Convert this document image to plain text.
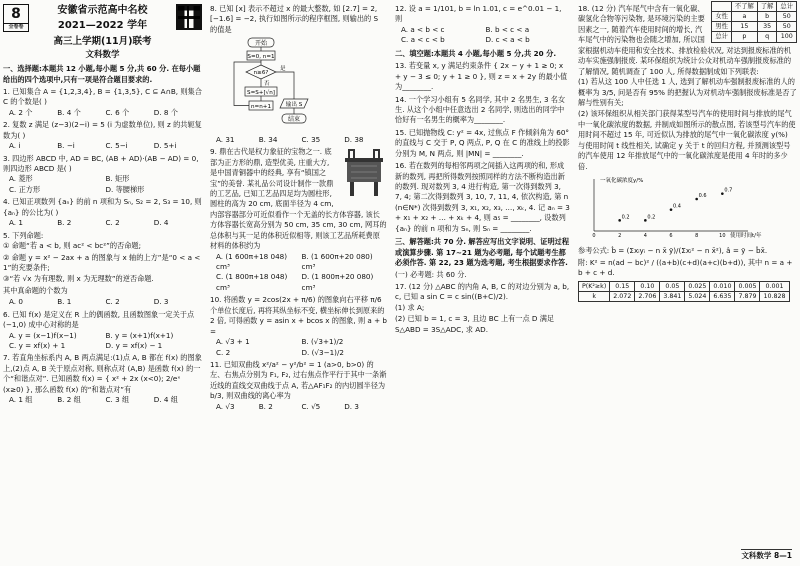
8
全卷卷
安徽省示范高中名校
2021—2022 学年
高三上学期(11月)联考
文科数学
一、选择题:本题共 12 小题,每小题 5 分,共 60 分. 在每小题给出的四个选项中,只有一项是符合题目要求的.
1. 已知集合 A = {1,2,3,4}, B = {1,3,5}, C ⊆ A∩B, 则集合 C 的个数是( )
A. 2 个	B. 4 个	C. 6 个	D. 8 个
2. 复数 z 满足 (z−3)(2−i) = 5 (i 为虚数单位), 则 z 的共轭复数为( )
A. i	B. −i	C. 5−i	D. 5+i
3. 四边形 ABCD 中, AD = BC, (AB + AD)·(AB − AD) = 0, 则四边形 ABCD 是( )
A. 菱形	B. 矩形
C. 正方形	D. 等腰梯形
4. 已知正项数列 {aₙ} 的前 n 项和为 Sₙ, S₂ = 2, S₃ = 10, 则 {aₙ} 的公比为( )
A. 1	B. 2	C. 2	D. 4
5. 下列命题:
① 命题“若 a < b, 则 ac² < bc²”的否命题;
② 命题 y = x² − 2ax + a 的图象与 x 轴的上方”是“0 < a < 1”的充要条件;
③“若 √x 为有理数, 则 x 为无理数”的逆否命题.
其中真命题的个数为
A. 0	B. 1	C. 2	D. 3
6. 已知 f(x) 是定义在 R 上的偶函数, 且函数图象一定关于点 (−1,0) 成中心对称的是
A. y = (x−1)f(x−1)	B. y = (x+1)f(x+1)
C. y = xf(x) + 1	D. y = xf(x) − 1
7. 若直角坐标系内 A, B 两点满足:(1)点 A, B 都在 f(x) 的图象上,(2)点 A, B 关于原点对称, 则称点对 (A,B) 是函数 f(x) 的一个“和谐点对”. 已知函数 f(x) = { x² + 2x (x<0); 2/eˣ (x≥0) }, 那么函数 f(x) 的“和谐点对”有
A. 1 组	B. 2 组	C. 3 组	D. 4 组
8. 已知 [x] 表示不超过 x 的最大整数, 如 [2.7] = 2, [−1.6] = −2, 执行如图所示的程序框图, 则输出的 S 的值是
开始
S=0, n=1
n≥6?
否
S=S+[√n]
n=n+1
是
输出 S
结束
A. 31	B. 34	C. 35	D. 38
9. 鼎在古代是权力象征的宝物之一. 底部为正方形的鼎, 造型优美, 庄重大方, 是中国青铜器中的经典, 享有“镇国之宝”的美誉. 某礼品公司设计制作一款鼎的工艺品, 已知工艺品四足均为圆柱形, 圆柱的高为 20 cm, 底面半径为 4 cm, 内部容器部分可近似看作一个无盖的长方体容器, 该长方体容器长宽高分别为 50 cm, 35 cm, 30 cm, 网耳的总体积与其一足的体积近似相等, 则该工艺品所耗费原材料的体积约为
A. (1 600π+18 048) cm³
B. (1 600π+20 080) cm³
C. (1 800π+18 048) cm³
D. (1 800π+20 080) cm³
10. 将函数 y = 2cos(2x + π/6) 的图象向右平移 π/6 个单位长度后, 再将其纵坐标不变, 横坐标伸长到原来的 2 倍, 可得函数 y = asin x + bcos x 的图象, 则 a + b =
A. √3 + 1	B. (√3+1)/2
C. 2	D. (√3−1)/2
11. 已知双曲线 x²/a² − y²/b² = 1 (a>0, b>0) 的左、右焦点分别为 F₁, F₂, 过右焦点作平行于其中一条渐近线的直线交双曲线于点 A, 若△AF₁F₂ 的内切圆半径为 b/3, 则双曲线的离心率为
A. √3	B. 2	C. √5	D. 3
12. 设 a = 1/101, b = ln 1.01, c = e^0.01 − 1, 则
A. a < b < c	B. b < c < a
C. a < c < b	D. c < a < b
二、填空题:本题共 4 小题,每小题 5 分,共 20 分.
13. 若变量 x, y 满足约束条件 { 2x − y + 1 ≥ 0; x + y − 3 ≤ 0; y + 1 ≥ 0 }, 则 z = x + 2y 的最小值为________.
14. 一个学习小组有 5 名同学, 其中 2 名男生, 3 名女生. 从这个小组中任意选出 2 名同学, 则选出的同学中恰好有一名男生的概率为________.
15. 已知抛物线 C: y² = 4x, 过焦点 F 作倾斜角为 60° 的直线与 C 交于 P, Q 两点, P, Q 在 C 的准线上的投影分别为 M, N 两点, 则 |MN| = ________.
16. 若在数列的每相邻两项之间插入这两项的和, 形成新的数列, 再把所得数列按照同样的方法不断构造出新的数列. 现对数列 3, 4 进行构造, 第一次得到数列 3, 7, 4; 第二次得到数列 3, 10, 7, 11, 4, 依次构造, 第 n (n∈N*) 次得到数列 3, x₁, x₂, x₃, …, xₖ, 4. 记 aₙ = 3 + x₁ + x₂ + … + xₖ + 4, 则 a₅ = ________, 设数列 {aₙ} 的前 n 项和为 Sₙ, 则 Sₙ = ________.
三、解答题:共 70 分. 解答应写出文字说明、证明过程或演算步骤. 第 17~21 题为必考题, 每个试题考生都必须作答. 第 22, 23 题为选考题, 考生根据要求作答.
(一) 必考题: 共 60 分.
17. (12 分) △ABC 的内角 A, B, C 的对边分别为 a, b, c, 已知 a sin C = c sin((B+C)/2).
(1) 求 A;
(2) 已知 b = 1, c = 3, 且边 BC 上有一点 D 满足 S△ABD = 3S△ADC, 求 AD.
	不了解	了解	总计
女性	a	b	50
男性	15	35	50
总计	p	q	100
18. (12 分) 汽车尾气中含有一氧化碳、碳氢化合物等污染物, 是环境污染的主要因素之一, 随着汽车使用时间的增长, 汽车尾气中的污染物也会随之增加, 所以国家根据机动车使用和安全技术、排放检验状况, 对达到报废标准的机动车实施强制报废. 某环保组织为统计公众对机动车强制报废标准的了解情况, 随机调查了 100 人, 所得数据制成如下列联表:
(1) 若从这 100 人中任选 1 人, 选到了解机动车强制报废标准的人的概率为 3/5, 问是否有 95% 的把握认为对机动车强制报废标准是否了解与性别有关;
(2) 该环保组织从相关部门获得某型号汽车的使用时间与排放的尾气中一氧化碳浓度的数据, 并制成如图所示的散点图, 若该型号汽车的使用时间不超过 15 年, 可近似认为排放的尾气中一氧化碳浓度 y(%) 与使用时间 t 线性相关, 试确定 y 关于 t 的回归方程, 并预测该型号的汽车使用 12 年排放尾气中的一氧化碳浓度是使用 4 年时的多少倍.
一氧化碳浓度y/%
使用时间t/年
0	2	4	6	8	10
0.2	0.2
0.4
0.6
0.7
参考公式: b̂ = (Σxᵢyᵢ − n x̄ ȳ)/(Σxᵢ² − n x̄²), â = ȳ − b̂x̄.
附: K² = n(ad − bc)² / ((a+b)(c+d)(a+c)(b+d)), 其中 n = a + b + c + d.
P(K²≥k)	0.15	0.10	0.05	0.025	0.010	0.005	0.001
k	2.072	2.706	3.841	5.024	6.635	7.879	10.828
文科数学 8—1
